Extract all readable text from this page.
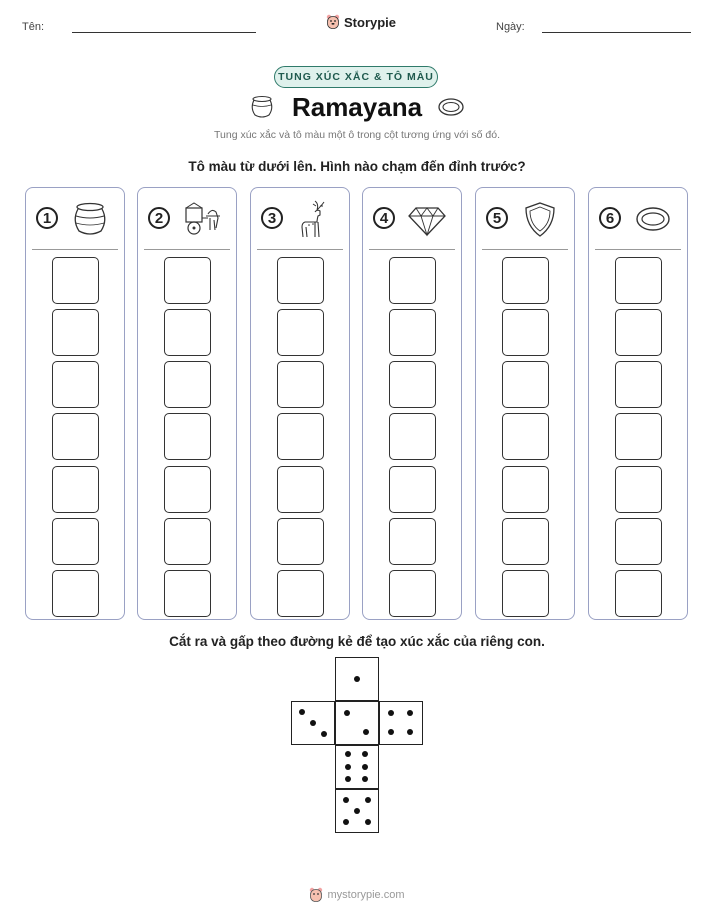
Tên:	Storypie	Ngày:
TUNG XÚC XẮC & TÔ MÀU
Ramayana
Tung xúc xắc và tô màu một ô trong cột tương ứng với số đó.
Tô màu từ dưới lên. Hình nào chạm đến đỉnh trước?
1	2	3	4	5	6
Cắt ra và gấp theo đường kẻ để tạo xúc xắc của riêng con.
mystorypie.com
